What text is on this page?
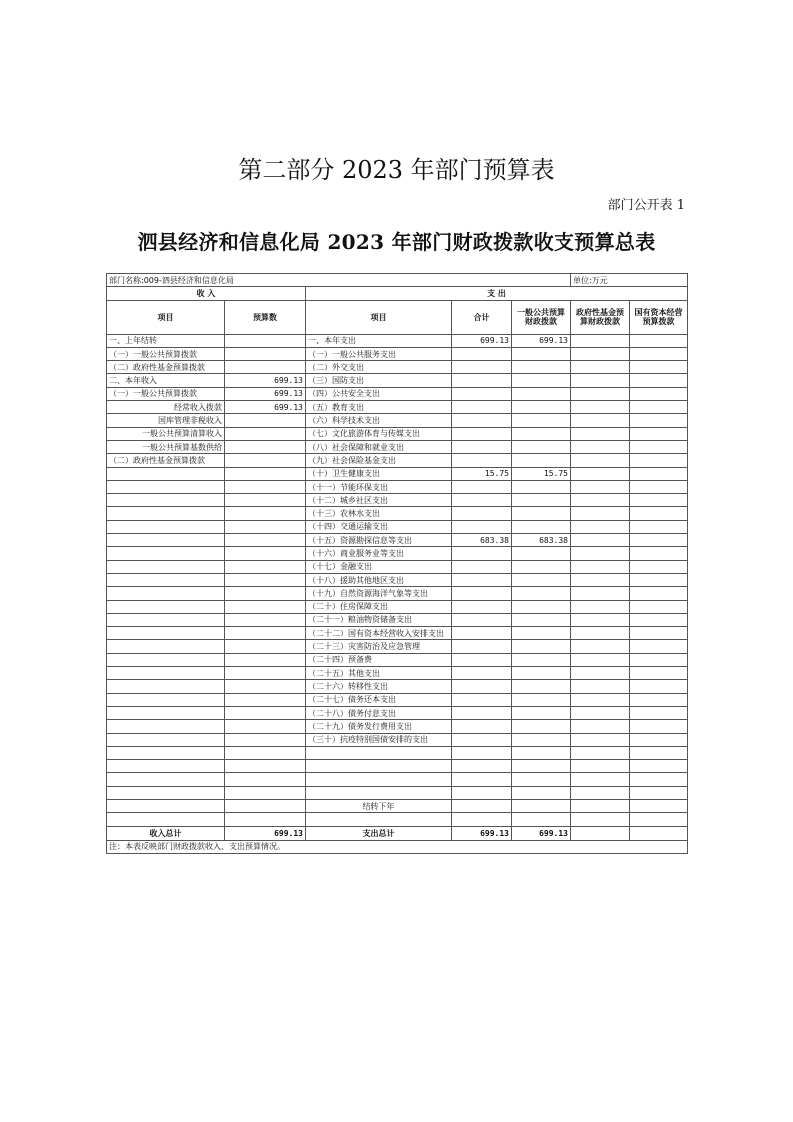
第二部分 2023 年部门预算表
部门公开表 1
泗县经济和信息化局 2023 年部门财政拨款收支预算总表
部门名称:009-泗县经济和信息化局					单位:万元	
收 入		支 出				
项目	预算数	项目	合计	一般公共预算财政拨款	政府性基金预算财政拨款	国有资本经营预算拨款
一、上年结转		一、本年支出	699.13	699.13		
（一）一般公共预算拨款		（一）一般公共服务支出				
（二）政府性基金预算拨款		（二）外交支出				
二、本年收入	699.13	（三）国防支出				
（一）一般公共预算拨款	699.13	（四）公共安全支出				
经常收入拨款	699.13	（五）教育支出				
国库管理非税收入		（六）科学技术支出				
一般公共预算清算收入		（七）文化旅游体育与传媒支出				
一般公共预算基数供给		（八）社会保障和就业支出				
（二）政府性基金预算拨款		（九）社会保险基金支出				
		（十）卫生健康支出	15.75	15.75		
		（十一）节能环保支出				
		（十二）城乡社区支出				
		（十三）农林水支出				
		（十四）交通运输支出				
		（十五）资源勘探信息等支出	683.38	683.38		
		（十六）商业服务业等支出				
		（十七）金融支出				
		（十八）援助其他地区支出				
		（十九）自然资源海洋气象等支出				
		（二十）住房保障支出				
		（二十一）粮油物资储备支出				
		（二十二）国有资本经营收入安排支出				
		（二十三）灾害防治及应急管理				
		（二十四）预备费				
		（二十五）其他支出				
		（二十六）转移性支出				
		（二十七）债务还本支出				
		（二十八）债务付息支出				
		（二十九）债务发行费用支出				
		（三十）抗疫特别国债安排的支出				

		结转下年				

收入总计	699.13	支出总计	699.13	699.13		
注：本表反映部门财政拨款收入、支出预算情况。						
